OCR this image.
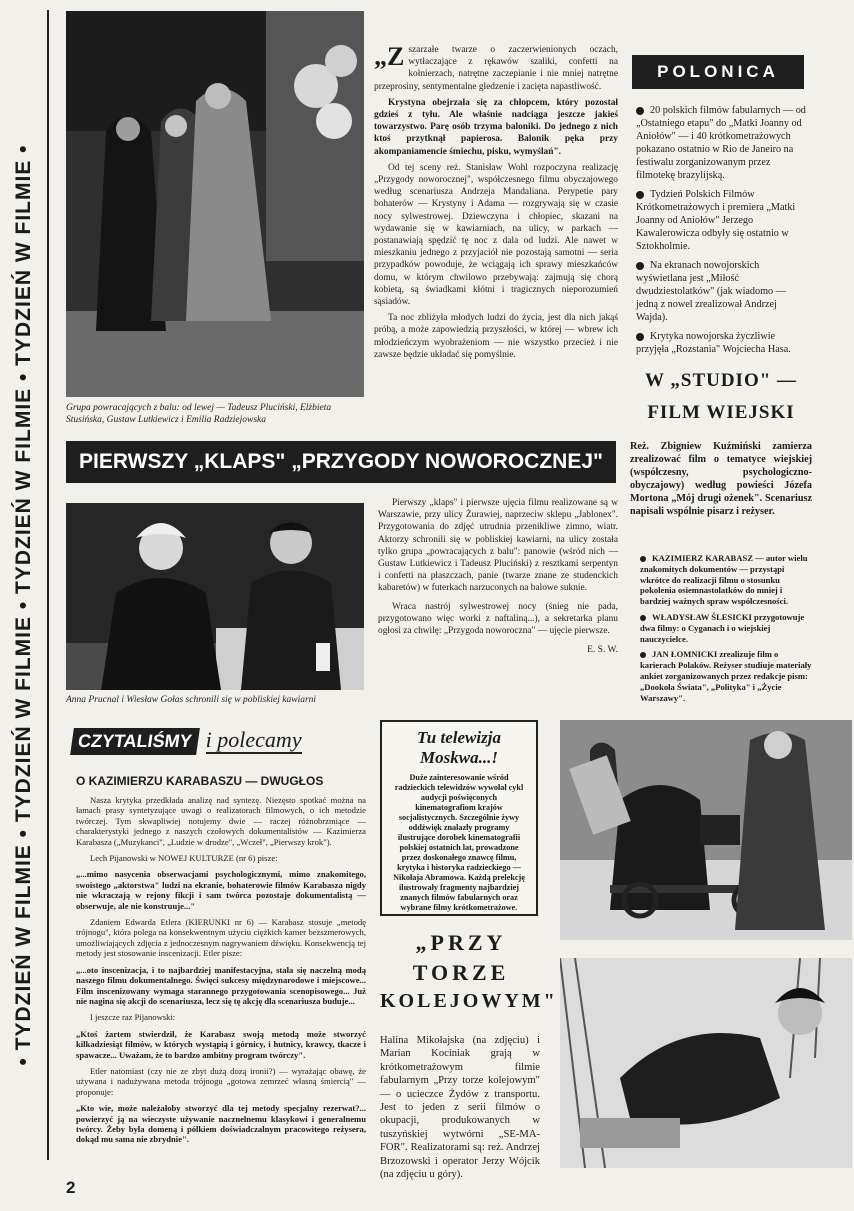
• TYDZIEŃ W FILMIE • TYDZIEŃ W FILMIE • TYDZIEŃ W FILMIE • TYDZIEŃ W FILMIE •	Grupa powracających z balu: od lewej — Tadeusz Pluciński, Elżbieta Stusińska, Gustaw Lutkiewicz i Emilia Radziejowska

„Zszarzałe twarze o zaczerwienionych oczach, wytłaczające z rękawów szaliki, confetti na kołnierzach, natrętne zaczepianie i nie mniej natrętne przeprosiny, sentymentalne gledzenie i zacięta napastliwość.

Krystyna obejrzała się za chłopcem, który pozostał gdzieś z tyłu. Ale właśnie nadciąga jeszcze jakieś towarzystwo. Parę osób trzyma baloniki. Do jednego z nich ktoś przytknął papierosa. Balonik pęka przy akompaniamencie śmiechu, pisku, wymyślań".

Od tej sceny reż. Stanisław Wohl rozpoczyna realizację „Przygody noworocznej", współczesnego filmu obyczajowego według scenariusza Andrzeja Mandaliana. Perypetie pary bohaterów — Krystyny i Adama — rozgrywają się w czasie nocy sylwestrowej. Dziewczyna i chłopiec, skazani na wydawanie się w kawiarniach, na ulicy, w parkach — postanawiają spędzić tę noc z dala od ludzi. Ale nawet w mieszkaniu jednego z przyjaciół nie pozostają samotni — seria przypadków powoduje, że wciągają ich sprawy mieszkańców domu, w którym chwilowo przebywają: zajmują się chorą kobietą, są świadkami kłótni i tragicznych nieporozumień sąsiadów.

Ta noc zbliżyła młodych ludzi do życia, jest dla nich jakąś próbą, a może zapowiedzią przyszłości, w której — wbrew ich młodzieńczym wyobrażeniom — nie wszystko przecież i nie zawsze będzie układać się pomyślnie.

POLONICA
20 polskich filmów fabularnych — od „Ostatniego etapu" do „Matki Joanny od Aniołów" — i 40 krótkometrażowych pokazano ostatnio w Rio de Janeiro na festiwalu zorganizowanym przez filmotekę brazylijską.
Tydzień Polskich Filmów Krótkometrażowych i premiera „Matki Joanny od Aniołów" Jerzego Kawalerowicza odbyły się ostatnio w Sztokholmie.
Na ekranach nowojorskich wyświetlana jest „Miłość dwudziestolatków" (jak wiadomo — jedną z nowel zrealizował Andrzej Wajda).
Krytyka nowojorska życzliwie przyjęła „Rozstania" Wojciecha Hasa.
W „STUDIO" —
FILM WIEJSKI

Reż. Zbigniew Kuźmiński zamierza zrealizować film o tematyce wiejskiej (współczesny, psychologiczno-obyczajowy) według powieści Józefa Mortona „Mój drugi ożenek". Scenariusz napisali wspólnie pisarz i reżyser.

KAZIMIERZ KARABASZ — autor wielu znakomitych dokumentów — przystąpi wkrótce do realizacji filmu o stosunku pokolenia osiemnastolatków do mniej i bardziej ważnych spraw współczesności.
WŁADYSŁAW ŚLESICKI przygotowuje dwa filmy: o Cyganach i o wiejskiej nauczycielce.
JAN ŁOMNICKI zrealizuje film o karierach Polaków. Reżyser studiuje materiały ankiet zorganizowanych przez redakcje pism: „Dookoła Świata", „Polityka" i „Życie Warszawy".
PIERWSZY „KLAPS" „PRZYGODY NOWOROCZNEJ"
Anna Prucnal i Wiesław Gołas schronili się w pobliskiej kawiarni

Pierwszy „klaps" i pierwsze ujęcia filmu realizowane są w Warszawie, przy ulicy Żurawiej, naprzeciw sklepu „Jablonex". Przygotowania do zdjęć utrudnia przenikliwe zimno, wiatr. Aktorzy schronili się w pobliskiej kawiarni, na ulicy została tylko grupa „powracających z balu": panowie (wśród nich — Gustaw Lutkiewicz i Tadeusz Pluciński) z resztkami serpentyn i confetti na płaszczach, panie (twarze znane ze studenckich kabaretów) w futerkach narzuconych na balowe suknie.

Wraca nastrój sylwestrowej nocy (śnieg nie pada, przygotowano więc worki z naftaliną...), a sekretarka planu ogłosi za chwilę: „Przygoda noworoczna" — ujęcie pierwsze.

E. S. W.
CZYTALIŚMY i polecamy
O KAZIMIERZU KARABASZU — DWUGŁOS

Nasza krytyka przedkłada analizę nad syntezę. Niezęsto spotkać można na łamach prasy syntetyzujące uwagi o realizatorach filmowych, o ich metodzie twórczej. Tym skwapliwiej notujemy dwie — raczej różnobrzmiące — charakterystyki jednego z naszych czołowych dokumentalistów — Kazimierza Karabasza („Muzykanci", „Ludzie w drodze", „Wczeł", „Pierwszy krok").

Lech Pijanowski w NOWEJ KULTURZE (nr 6) pisze:

„...mimo nasycenia obserwacjami psychologicznymi, mimo znakomitego, swoistego „aktorstwa" ludzi na ekranie, bohaterowie filmów Karabasza nigdy nie wkraczają w rejony fikcji i sam twórca pozostaje dokumentalistą — obserwuje, ale nie konstruuje..."

Zdaniem Edwarda Etlera (KIERUNKI nr 6) — Karabasz stosuje „metodę trójnogu", która polega na konsekwentnym użyciu ciężkich kamer bezszmerowych, umożliwiających zdjęcia z jednoczesnym nagrywaniem dźwięku. Konsekwencją tej metody jest stosowanie inscenizacji. Etler pisze:

„...oto inscenizacja, i to najbardziej manifestacyjna, stała się naczelną modą naszego filmu dokumentalnego. Święci sukcesy międzynarodowe i miejscowe... Film inscenizowany wymaga starannego przygotowania scenopisowego... Już nie nagina się akcji do scenariusza, lecz się tę akcję dla scenariusza buduje...

I jeszcze raz Pijanowski:

„Ktoś żartem stwierdził, że Karabasz swoją metodą może stworzyć kilkadziesiąt filmów, w których wystąpią i górnicy, i hutnicy, krawcy, tkacze i spawacze... Uważam, że to bardzo ambitny program twórczy".

Etler natomiast (czy nie ze zbyt dużą dozą ironii?) — wyrażając obawę, że używana i nadużywana metoda trójnogu „gotowa zemrzeć własną śmiercią" — proponuje:

„Kto wie, może należałoby stworzyć dla tej metody specjalny rezerwat?... powierzyć ją na wieczyste używanie nacznelnemu klasykowi i generalnemu twórcy. Żeby była domeną i pólkiem doświadczalnym pracowitego reżysera, dokąd mu sama nie zbrydnie".

Tu telewizja
Moskwa...!

Duże zainteresowanie wśród radzieckich telewidzów wywołał cykl audycji poświęconych kinematografiom krajów socjalistycznych. Szczególnie żywy oddźwięk znalazły programy ilustrujące dorobek kinematografii polskiej ostatnich lat, prowadzone przez doskonałego znawcę filmu, krytyka i historyka radzieckiego — Nikołaja Abramowa. Każdą prelekcję ilustrowały fragmenty najbardziej znanych filmów fabularnych oraz wybrane filmy krótkometrażowe.

„PRZY
TORZE
KOLEJOWYM"

Halina Mikołajska (na zdjęciu) i Marian Kociniak grają w krótkometrażowym filmie fabularnym „Przy torze kolejowym" — o ucieczce Żydów z transportu. Jest to jeden z serii filmów o okupacji, produkowanych w tuszyńskiej wytwórni „SE-MA-FOR". Realizatorami są: reż. Andrzej Brzozowski i operator Jerzy Wójcik (na zdjęciu u góry).

2
